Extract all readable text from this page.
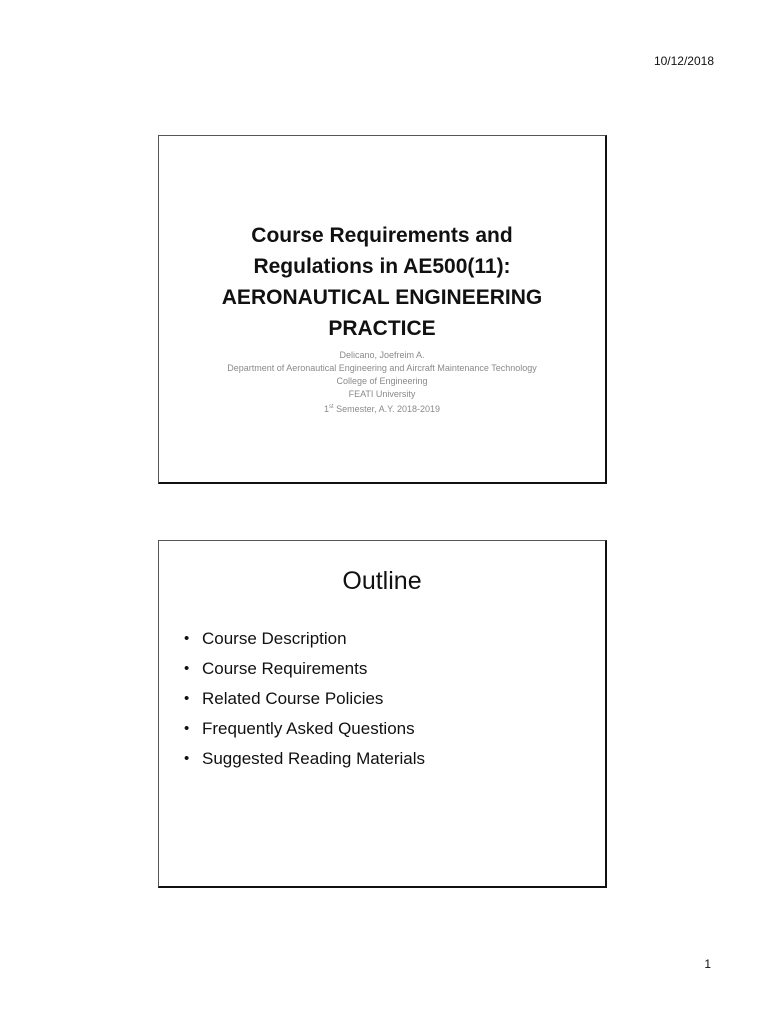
10/12/2018
Course Requirements and
Regulations in AE500(11):
AERONAUTICAL ENGINEERING
PRACTICE
Delicano, Joefreim A.
Department of Aeronautical Engineering and Aircraft Maintenance Technology
College of Engineering
FEATI University
1st Semester, A.Y. 2018-2019
Outline
• Course Description
• Course Requirements
• Related Course Policies
• Frequently Asked Questions
• Suggested Reading Materials
1
